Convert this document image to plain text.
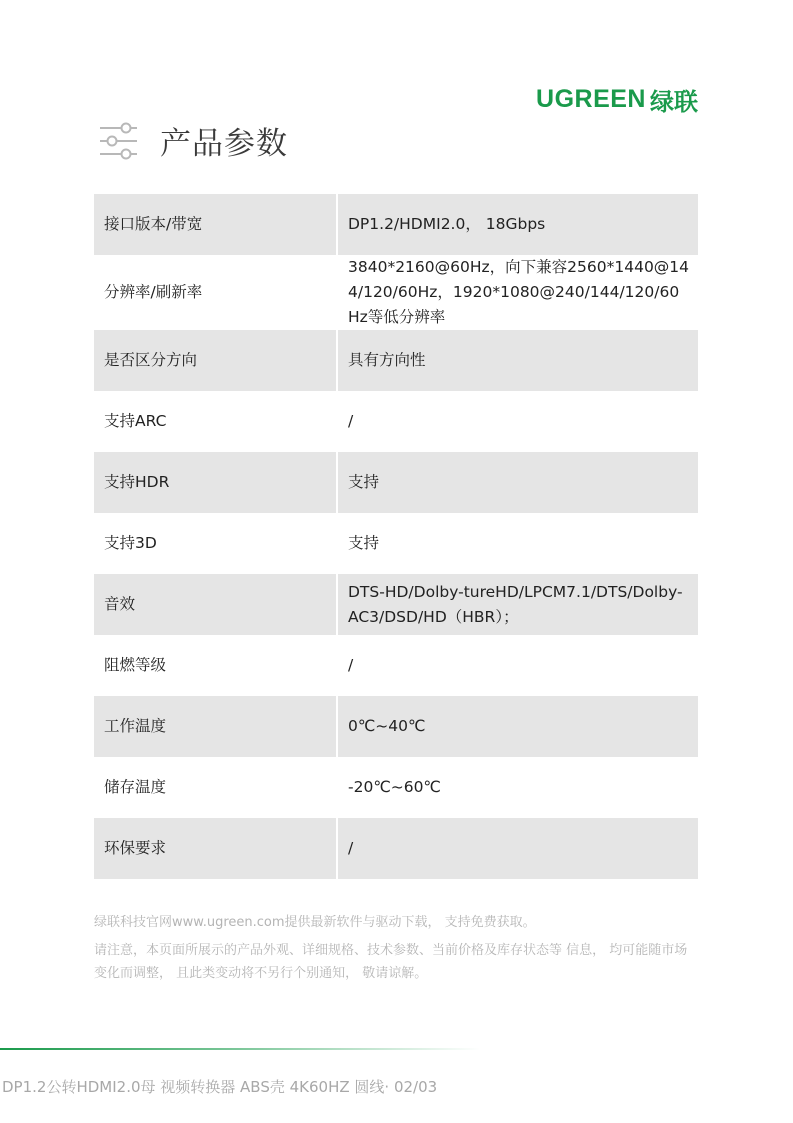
UGREEN 绿联
产品参数
接口版本/带宽	DP1.2/HDMI2.0， 18Gbps
分辨率/刷新率	3840*2160@60Hz，向下兼容2560*1440@144/120/60Hz，1920*1080@240/144/120/60Hz等低分辨率
是否区分方向	具有方向性
支持ARC	/
支持HDR	支持
支持3D	支持
音效	DTS-HD/Dolby-tureHD/LPCM7.1/DTS/Dolby-AC3/DSD/HD（HBR）；
阻燃等级	/
工作温度	0℃~40℃
储存温度	-20℃~60℃
环保要求	/

绿联科技官网www.ugreen.com提供最新软件与驱动下载， 支持免费获取。

请注意，本页面所展示的产品外观、详细规格、技术参数、当前价格及库存状态等 信息， 均可能随市场变化而调整， 且此类变动将不另行个别通知， 敬请谅解。

DP1.2公转HDMI2.0母 视频转换器 ABS壳 4K60HZ 圆线· 02/03
